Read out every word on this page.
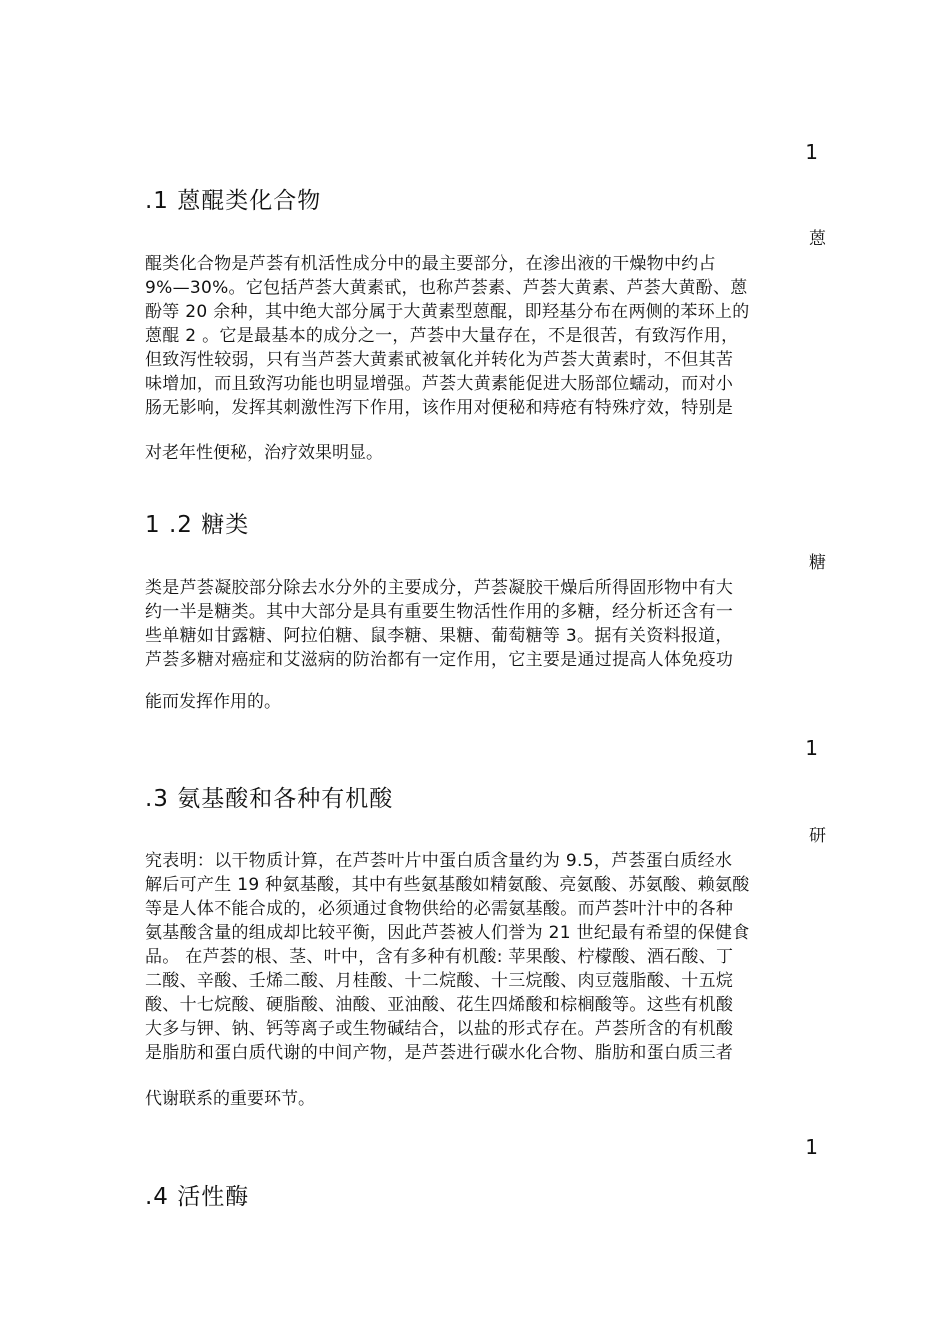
1
.1 蒽醌类化合物
蒽
醌类化合物是芦荟有机活性成分中的最主要部分，在渗出液的干燥物中约占
9%—30%。它包括芦荟大黄素甙，也称芦荟素、芦荟大黄素、芦荟大黄酚、蒽
酚等 20 余种，其中绝大部分属于大黄素型蒽醌，即羟基分布在两侧的苯环上的
蒽醌 2 。它是最基本的成分之一，芦荟中大量存在，不是很苦，有致泻作用，
但致泻性较弱，只有当芦荟大黄素甙被氧化并转化为芦荟大黄素时，不但其苦
味增加，而且致泻功能也明显增强。芦荟大黄素能促进大肠部位蠕动，而对小
肠无影响，发挥其刺激性泻下作用，该作用对便秘和痔疮有特殊疗效，特别是
对老年性便秘，治疗效果明显。
1 .2 糖类
糖
类是芦荟凝胶部分除去水分外的主要成分，芦荟凝胶干燥后所得固形物中有大
约一半是糖类。其中大部分是具有重要生物活性作用的多糖，经分析还含有一
些单糖如甘露糖、阿拉伯糖、鼠李糖、果糖、葡萄糖等 3。据有关资料报道，
芦荟多糖对癌症和艾滋病的防治都有一定作用，它主要是通过提高人体免疫功
能而发挥作用的。
1
.3 氨基酸和各种有机酸
研
究表明：以干物质计算，在芦荟叶片中蛋白质含量约为 9.5，芦荟蛋白质经水
解后可产生 19 种氨基酸，其中有些氨基酸如精氨酸、亮氨酸、苏氨酸、赖氨酸
等是人体不能合成的，必须通过食物供给的必需氨基酸。而芦荟叶汁中的各种
氨基酸含量的组成却比较平衡，因此芦荟被人们誉为 21 世纪最有希望的保健食
品。 在芦荟的根、茎、叶中，含有多种有机酸: 苹果酸、柠檬酸、酒石酸、丁
二酸、辛酸、壬烯二酸、月桂酸、十二烷酸、十三烷酸、肉豆蔻脂酸、十五烷
酸、十七烷酸、硬脂酸、油酸、亚油酸、花生四烯酸和棕榈酸等。这些有机酸
大多与钾、钠、钙等离子或生物碱结合，以盐的形式存在。芦荟所含的有机酸
是脂肪和蛋白质代谢的中间产物，是芦荟进行碳水化合物、脂肪和蛋白质三者
代谢联系的重要环节。
1
.4 活性酶
